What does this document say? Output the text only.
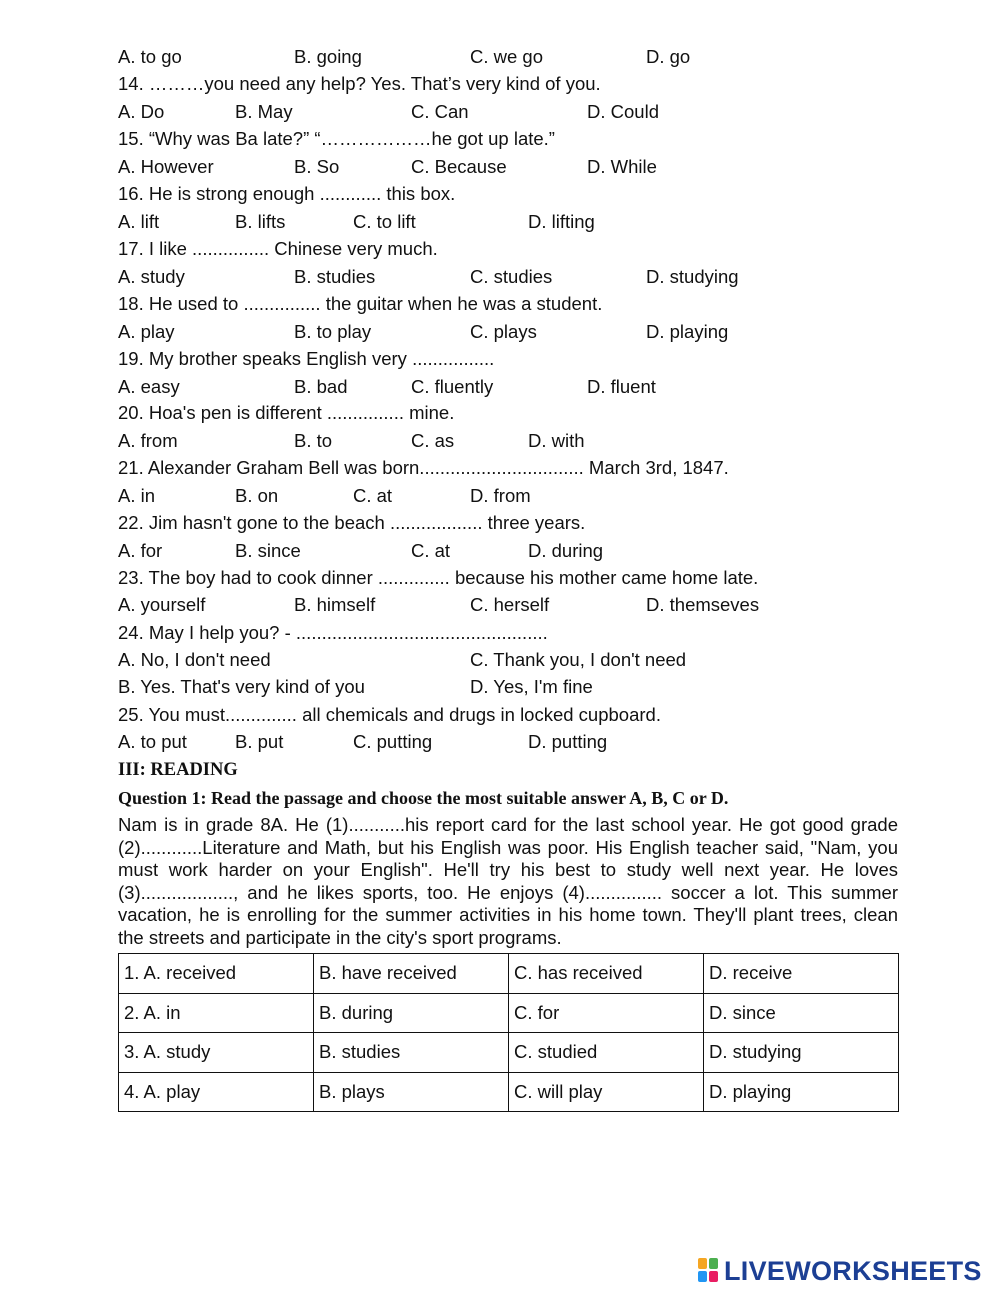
A. to go	B. going	C. we go	D. go
14. ………you need any help? Yes. That’s very kind of you.
A. Do	B. May	C. Can	D. Could
15. “Why was Ba late?” “………………he got up late.”
A. However	B. So	C. Because	D. While
16. He is strong enough ............ this box.
A. lift	B. lifts	C. to lift	D. lifting
17. I like ............... Chinese very much.
A. study	B. studies	C. studies	D. studying
18. He used to ............... the guitar when he was a student.
A. play	B. to play	C. plays	D. playing
19. My brother speaks English very ................
A. easy	B. bad	C. fluently	D. fluent
20. Hoa's pen is different ............... mine.
A. from	B. to	C. as	D. with
21. Alexander Graham Bell was born................................ March 3rd, 1847.
A. in	B. on	C. at	D. from
22. Jim hasn't gone to the beach .................. three years.
A. for	B. since	C. at	D. during
23. The boy had to cook dinner .............. because his mother came home late.
A. yourself	B. himself	C. herself	D. themseves
24. May I help you? - .................................................
A. No, I don't need	C. Thank you, I don't need
B. Yes. That's very kind of you	D. Yes, I'm fine
25. You must.............. all chemicals and drugs in locked cupboard.
A. to put	B. put	C. putting	D. putting
III: READING
Question 1: Read the passage and choose the most suitable answer A, B, C or D.
Nam is in grade 8A. He (1)...........his report card for the last school year. He got good grade (2)............Literature and Math, but his English was poor. His English teacher said, "Nam, you must work harder on your English". He'll try his best to study well next year. He loves (3).................., and he likes sports, too. He enjoys (4)............... soccer a lot. This summer vacation, he is enrolling for the summer activities in his home town. They'll plant trees, clean the streets and participate in the city's sport programs.
1. A. received	B. have received	C. has received	D. receive
2. A. in	B. during	C. for	D. since
3. A. study	B. studies	C. studied	D. studying
4. A. play	B. plays	C. will play	D. playing
LIVEWORKSHEETS
